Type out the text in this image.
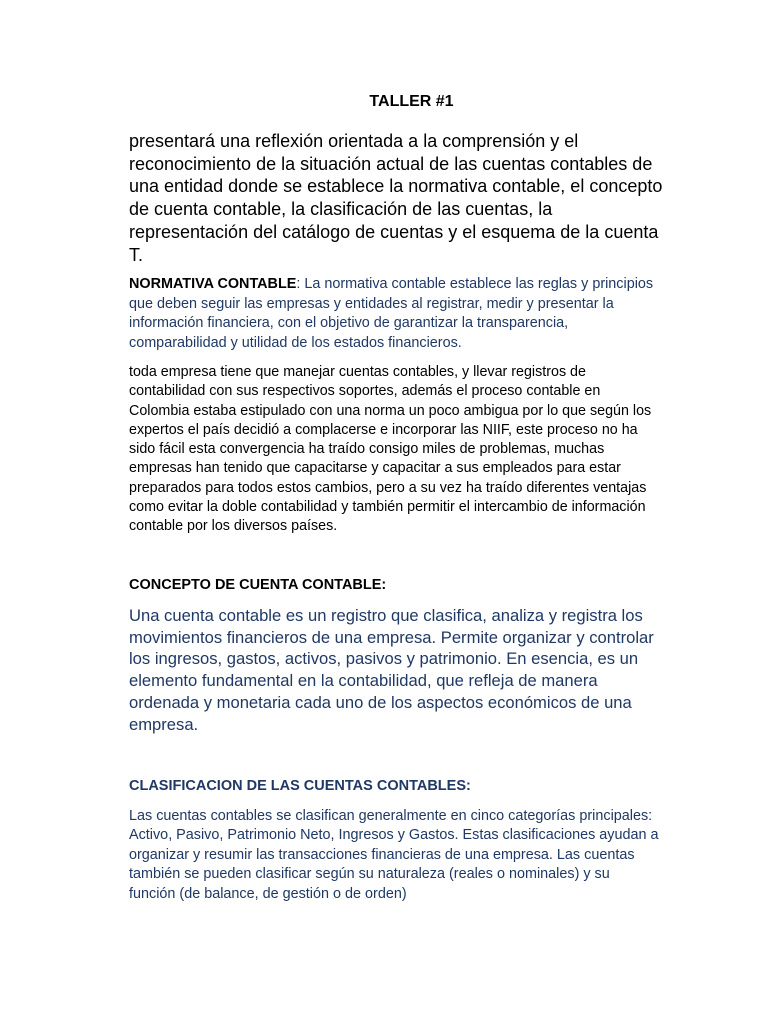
TALLER #1

presentará una reflexión orientada a la comprensión y el reconocimiento de la situación actual de las cuentas contables de una entidad donde se establece la normativa contable, el concepto de cuenta contable, la clasificación de las cuentas, la representación del catálogo de cuentas y el esquema de la cuenta T.

NORMATIVA CONTABLE: La normativa contable establece las reglas y principios que deben seguir las empresas y entidades al registrar, medir y presentar la información financiera, con el objetivo de garantizar la transparencia, comparabilidad y utilidad de los estados financieros.

toda empresa tiene que manejar cuentas contables, y llevar registros de contabilidad con sus respectivos soportes, además el proceso contable en Colombia estaba estipulado con una norma un poco ambigua por lo que según los expertos el país decidió a complacerse e incorporar las NIIF, este proceso no ha sido fácil esta convergencia ha traído consigo miles de problemas, muchas empresas han tenido que capacitarse y capacitar a sus empleados para estar preparados para todos estos cambios, pero a su vez ha traído diferentes ventajas como evitar la doble contabilidad y también permitir el intercambio de información contable por los diversos países.

CONCEPTO DE CUENTA CONTABLE:

Una cuenta contable es un registro que clasifica, analiza y registra los movimientos financieros de una empresa. Permite organizar y controlar los ingresos, gastos, activos, pasivos y patrimonio. En esencia, es un elemento fundamental en la contabilidad, que refleja de manera ordenada y monetaria cada uno de los aspectos económicos de una empresa.

CLASIFICACION DE LAS CUENTAS CONTABLES:

Las cuentas contables se clasifican generalmente en cinco categorías principales: Activo, Pasivo, Patrimonio Neto, Ingresos y Gastos. Estas clasificaciones ayudan a organizar y resumir las transacciones financieras de una empresa. Las cuentas también se pueden clasificar según su naturaleza (reales o nominales) y su función (de balance, de gestión o de orden)
